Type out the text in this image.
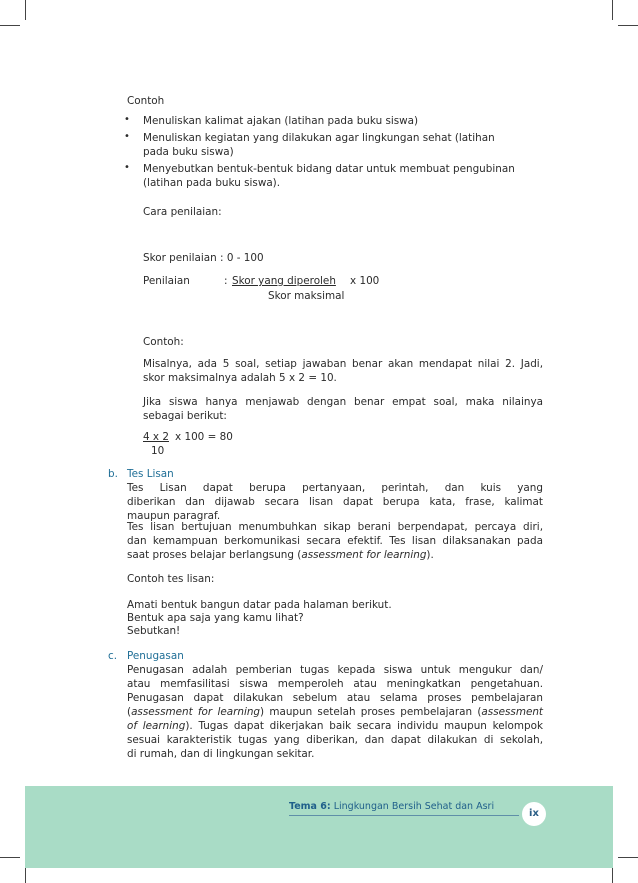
Contoh
• Menuliskan kalimat ajakan (latihan pada buku siswa)
• Menuliskan kegiatan yang dilakukan agar lingkungan sehat (latihan
pada buku siswa)
• Menyebutkan bentuk-bentuk bidang datar untuk membuat pengubinan
(latihan pada buku siswa).
Cara penilaian:
Skor penilaian : 0 - 100
Penilaian	: Skor yang diperoleh x 100
Skor maksimal
Contoh:
Misalnya, ada 5 soal, setiap jawaban benar akan mendapat nilai 2. Jadi,
skor maksimalnya adalah 5 x 2 = 10.
Jika siswa hanya menjawab dengan benar empat soal, maka nilainya
sebagai berikut:
4 x 2 x 100 = 80
10
b. Tes Lisan
Tes Lisan dapat berupa pertanyaan, perintah, dan kuis yang
diberikan dan dijawab secara lisan dapat berupa kata, frase, kalimat
maupun paragraf.
Tes lisan bertujuan menumbuhkan sikap berani berpendapat, percaya diri,
dan kemampuan berkomunikasi secara efektif. Tes lisan dilaksanakan pada
saat proses belajar berlangsung (assessment for learning).
Contoh tes lisan:
Amati bentuk bangun datar pada halaman berikut.
Bentuk apa saja yang kamu lihat?
Sebutkan!
c. Penugasan
Penugasan adalah pemberian tugas kepada siswa untuk mengukur dan/
atau memfasilitasi siswa memperoleh atau meningkatkan pengetahuan.
Penugasan dapat dilakukan sebelum atau selama proses pembelajaran
(assessment for learning) maupun setelah proses pembelajaran (assessment
of learning). Tugas dapat dikerjakan baik secara individu maupun kelompok
sesuai karakteristik tugas yang diberikan, dan dapat dilakukan di sekolah,
di rumah, dan di lingkungan sekitar.
Tema 6: Lingkungan Bersih Sehat dan Asri
ix
